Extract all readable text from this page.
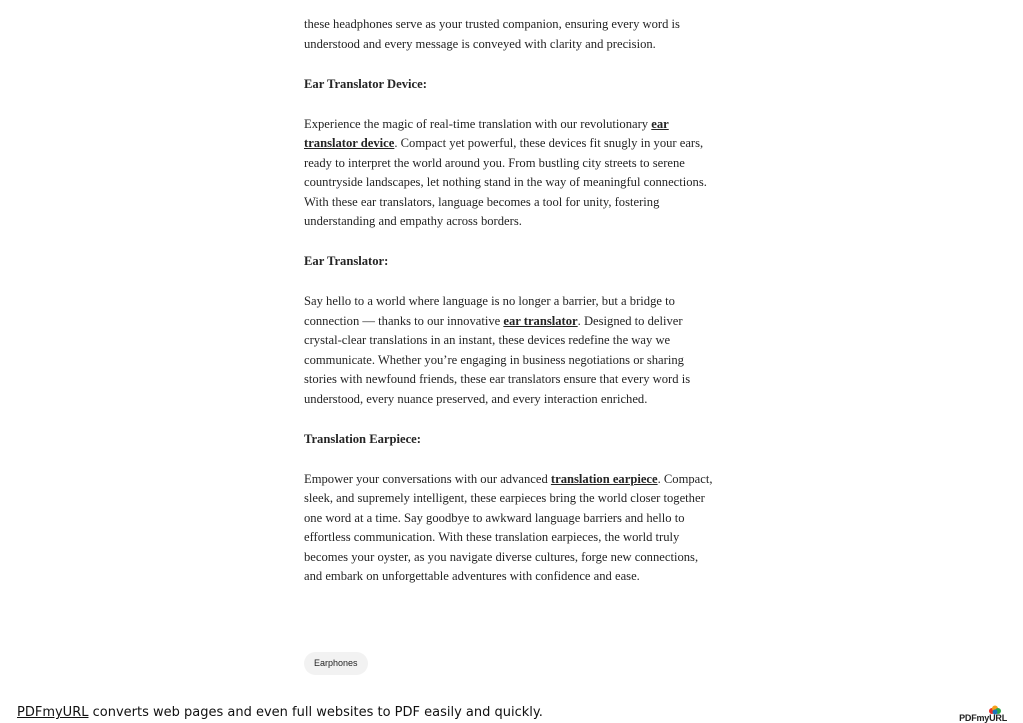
these headphones serve as your trusted companion, ensuring every word is understood and every message is conveyed with clarity and precision.

Ear Translator Device:

Experience the magic of real-time translation with our revolutionary ear translator device. Compact yet powerful, these devices fit snugly in your ears, ready to interpret the world around you. From bustling city streets to serene countryside landscapes, let nothing stand in the way of meaningful connections. With these ear translators, language becomes a tool for unity, fostering understanding and empathy across borders.

Ear Translator:

Say hello to a world where language is no longer a barrier, but a bridge to connection — thanks to our innovative ear translator. Designed to deliver crystal-clear translations in an instant, these devices redefine the way we communicate. Whether you’re engaging in business negotiations or sharing stories with newfound friends, these ear translators ensure that every word is understood, every nuance preserved, and every interaction enriched.

Translation Earpiece:

Empower your conversations with our advanced translation earpiece. Compact, sleek, and supremely intelligent, these earpieces bring the world closer together one word at a time. Say goodbye to awkward language barriers and hello to effortless communication. With these translation earpieces, the world truly becomes your oyster, as you navigate diverse cultures, forge new connections, and embark on unforgettable adventures with confidence and ease.

Earphones
PDFmyURL converts web pages and even full websites to PDF easily and quickly.	PDFmyURL
